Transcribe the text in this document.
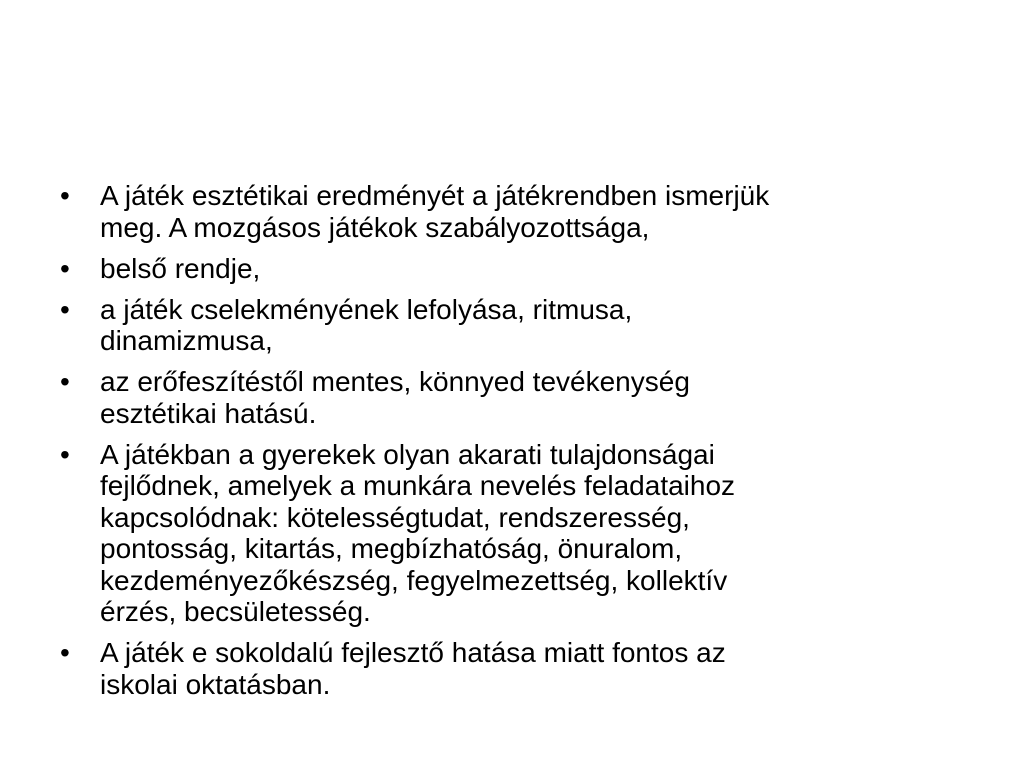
• A játék esztétikai eredményét a játékrendben ismerjük
meg. A mozgásos játékok szabályozottsága,
• belső rendje,
• a játék cselekményének lefolyása, ritmusa,
dinamizmusa,
• az erőfeszítéstől mentes, könnyed tevékenység
esztétikai hatású.
• A játékban a gyerekek olyan akarati tulajdonságai
fejlődnek, amelyek a munkára nevelés feladataihoz
kapcsolódnak: kötelességtudat, rendszeresség,
pontosság, kitartás, megbízhatóság, önuralom,
kezdeményezőkészség, fegyelmezettség, kollektív
érzés, becsületesség.
• A játék e sokoldalú fejlesztő hatása miatt fontos az
iskolai oktatásban.
